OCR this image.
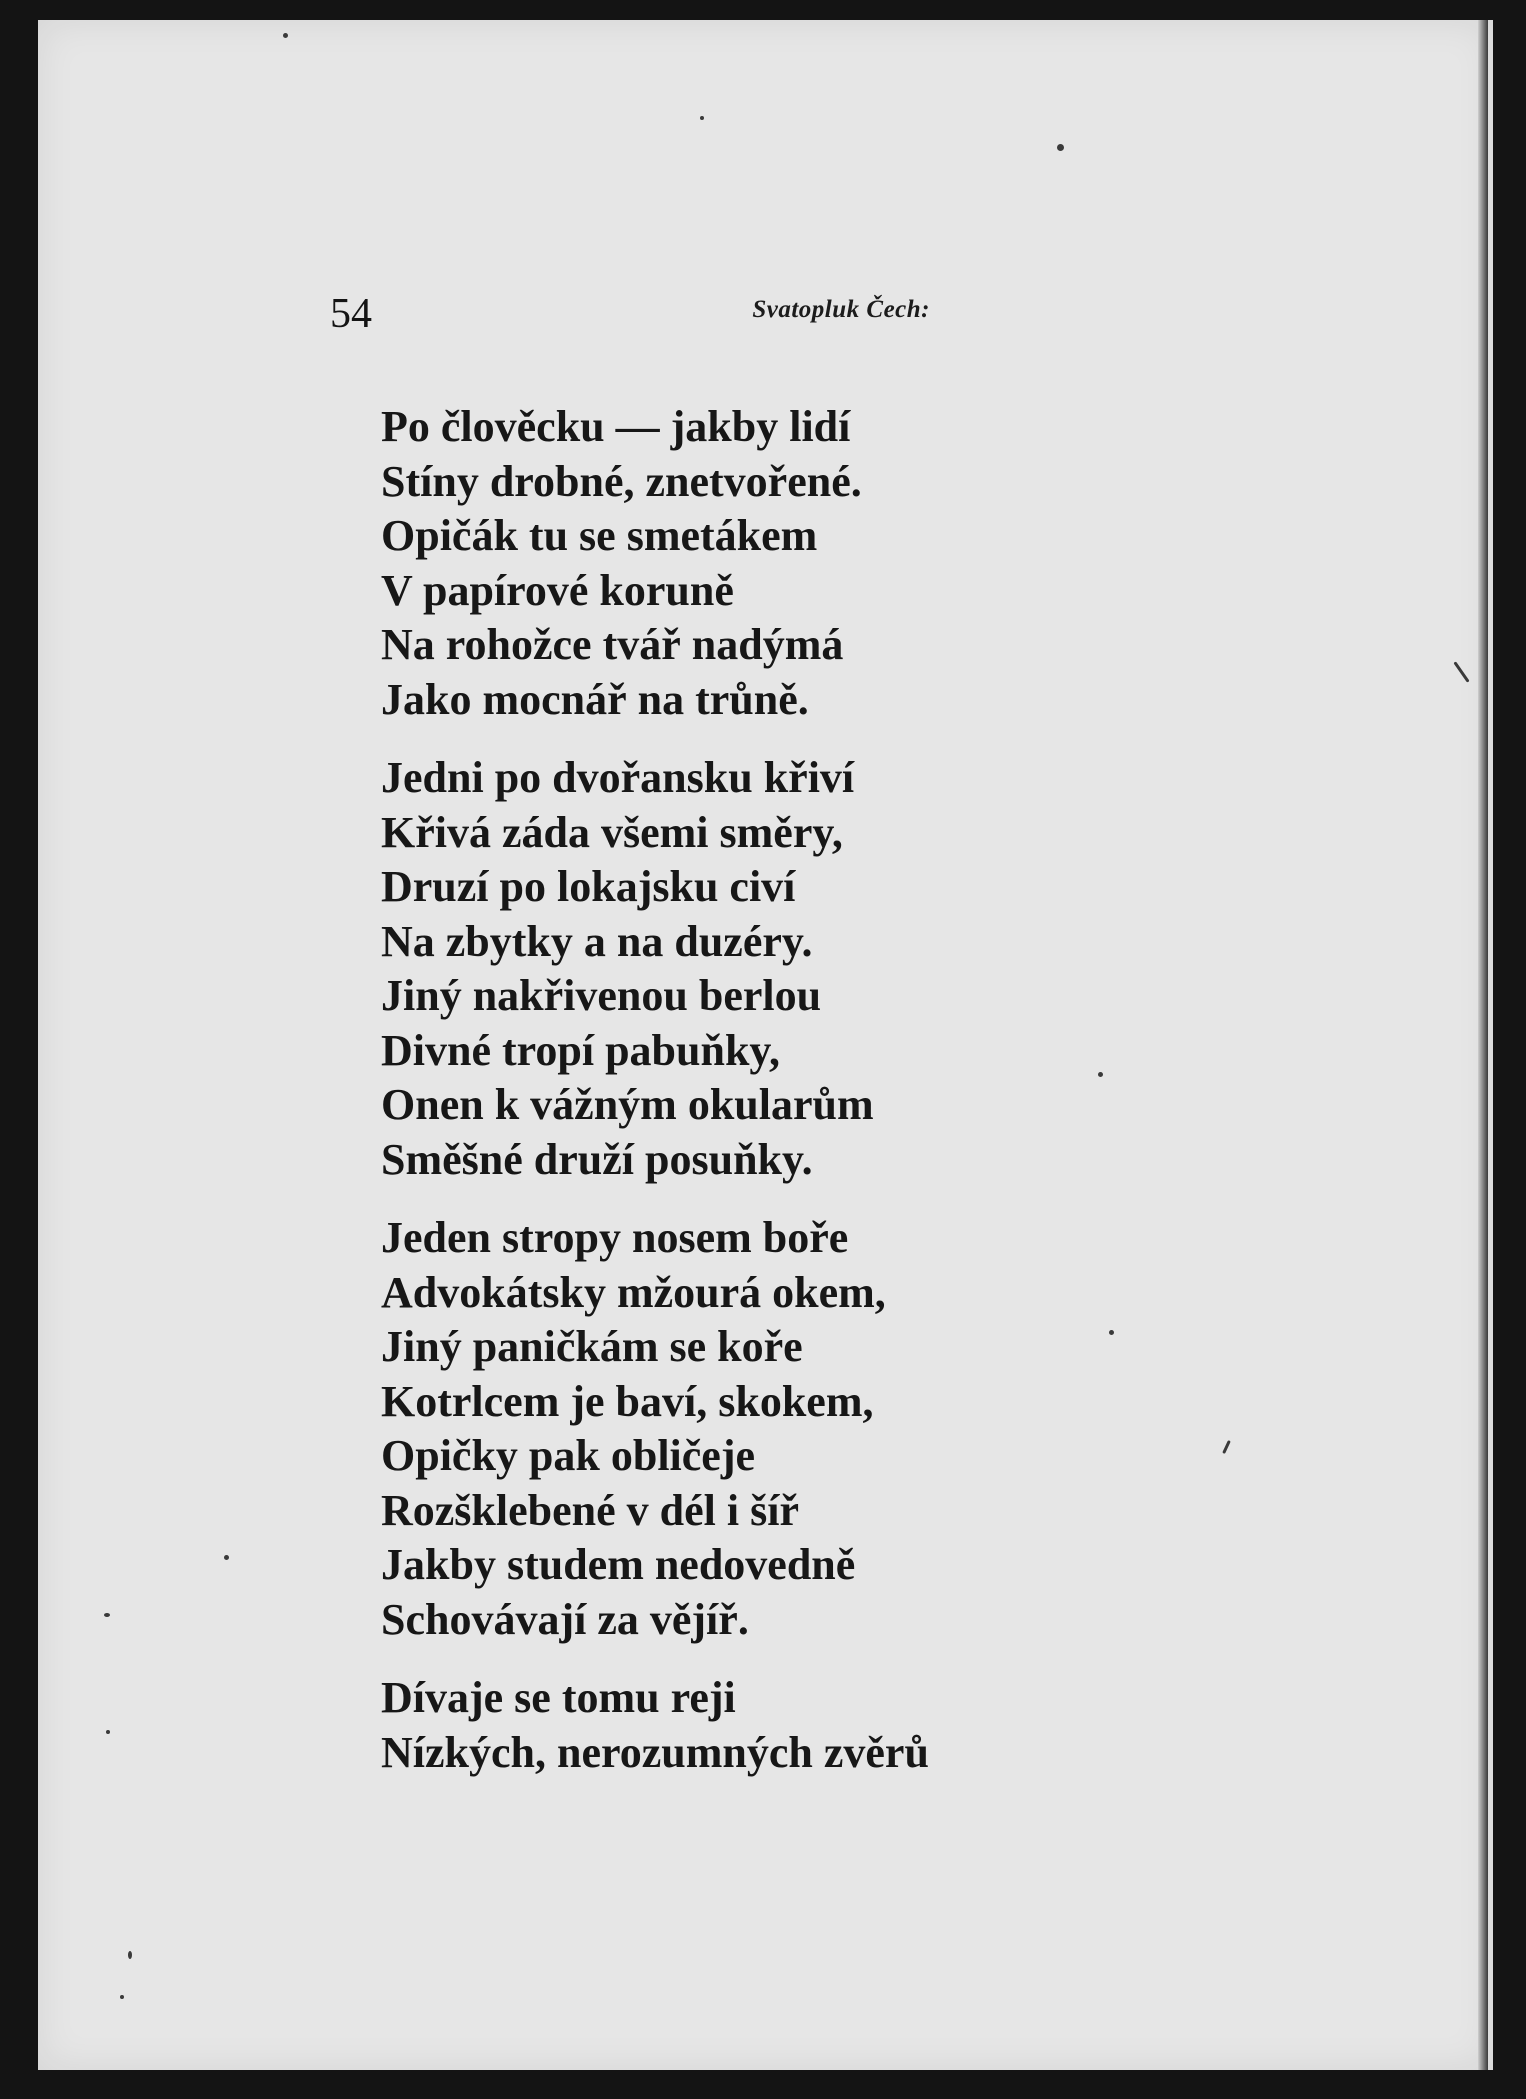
54	Svatopluk Čech:

Po člověcku — jakby lidí
Stíny drobné, znetvořené.
Opičák tu se smetákem
V papírové koruně
Na rohožce tvář nadýmá
Jako mocnář na trůně.

Jedni po dvořansku křiví
Křivá záda všemi směry,
Druzí po lokajsku civí
Na zbytky a na duzéry.
Jiný nakřivenou berlou
Divné tropí pabuňky,
Onen k vážným okularům
Směšné druží posuňky.

Jeden stropy nosem boře
Advokátsky mžourá okem,
Jiný paničkám se koře
Kotrlcem je baví, skokem,
Opičky pak obličeje
Rozšklebené v dél i šíř
Jakby studem nedovedně
Schovávají za vějíř.

Dívaje se tomu reji
Nízkých, nerozumných zvěrů
